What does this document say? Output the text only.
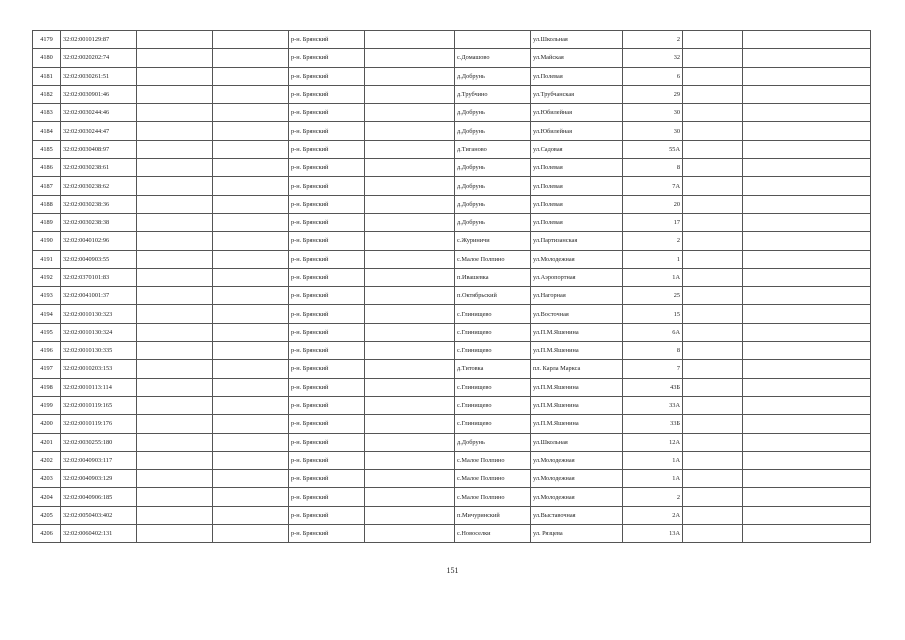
4179	32:02:0010129:87			р-н. Брянский			ул.Школьная	2		
4180	32:02:0020202:74			р-н. Брянский		с.Домашово	ул.Майская	32		
4181	32:02:0030261:51			р-н. Брянский		д.Добрунь	ул.Полевая	6		
4182	32:02:0030901:46			р-н. Брянский		д.Трубчино	ул.Трубчанская	29		
4183	32:02:0030244:46			р-н. Брянский		д.Добрунь	ул.Юбилейная	30		
4184	32:02:0030244:47			р-н. Брянский		д.Добрунь	ул.Юбилейная	30		
4185	32:02:0030408:97			р-н. Брянский		д.Тиганово	ул.Садовая	55А		
4186	32:02:0030238:61			р-н. Брянский		д.Добрунь	ул.Полевая	8		
4187	32:02:0030238:62			р-н. Брянский		д.Добрунь	ул.Полевая	7А		
4188	32:02:0030238:36			р-н. Брянский		д.Добрунь	ул.Полевая	20		
4189	32:02:0030238:38			р-н. Брянский		д.Добрунь	ул.Полевая	17		
4190	32:02:0040102:96			р-н. Брянский		с.Журиничи	ул.Партизанская	2		
4191	32:02:0040903:55			р-н. Брянский		с.Малое Полпино	ул.Молодежная	1		
4192	32:02:0370101:83			р-н. Брянский		п.Ивашевка	ул.Аэропортная	1А		
4193	32:02:0041001:37			р-н. Брянский		п.Октябрьский	ул.Нагорная	25		
4194	32:02:0010130:323			р-н. Брянский		с.Глинищево	ул.Восточная	15		
4195	32:02:0010130:324			р-н. Брянский		с.Глинищево	ул.П.М.Яшенина	6А		
4196	32:02:0010130:335			р-н. Брянский		с.Глинищево	ул.П.М.Яшенина	8		
4197	32:02:0010203:153			р-н. Брянский		д.Титовка	пл. Карла Маркса	7		
4198	32:02:0010113:114			р-н. Брянский		с.Глинищево	ул.П.М.Яшенина	43Б		
4199	32:02:0010119:165			р-н. Брянский		с.Глинищево	ул.П.М.Яшенина	33А		
4200	32:02:0010119:176			р-н. Брянский		с.Глинищево	ул.П.М.Яшенина	33Б		
4201	32:02:0030255:180			р-н. Брянский		д.Добрунь	ул.Школьная	12А		
4202	32:02:0040903:117			р-н. Брянский		с.Малое Полпино	ул.Молодежная	1А		
4203	32:02:0040903:129			р-н. Брянский		с.Малое Полпино	ул.Молодежная	1А		
4204	32:02:0040906:185			р-н. Брянский		с.Малое Полпино	ул.Молодежная	2		
4205	32:02:0050403:402			р-н. Брянский		п.Мичуринский	ул.Выставочная	2А		
4206	32:02:0060402:131			р-н. Брянский		с.Новоселки	ул. Рязцева	13А		
151
